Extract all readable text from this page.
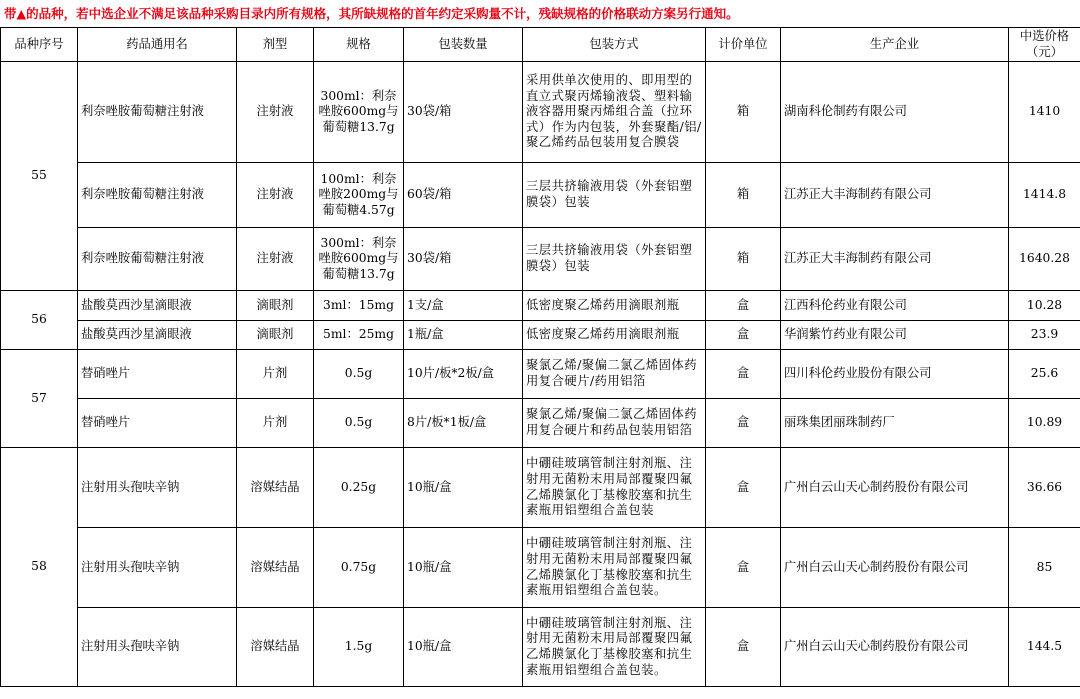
带▲的品种，若中选企业不满足该品种采购目录内所有规格，其所缺规格的首年约定采购量不计，残缺规格的价格联动方案另行通知。
品种序号	药品通用名	剂型	规格	包装数量	包装方式	计价单位	生产企业	中选价格
（元）
55	利奈唑胺葡萄糖注射液	注射液	300ml：利奈唑胺600mg与葡萄糖13.7g	30袋/箱	采用供单次使用的、即用型的直立式聚丙烯输液袋、塑料输液容器用聚丙烯组合盖（拉环式）作为内包装，外套聚酯/铝/聚乙烯药品包装用复合膜袋	箱	湖南科伦制药有限公司	1410
	利奈唑胺葡萄糖注射液	注射液	100ml：利奈唑胺200mg与葡萄糖4.57g	60袋/箱	三层共挤输液用袋（外套铝塑膜袋）包装	箱	江苏正大丰海制药有限公司	1414.8
	利奈唑胺葡萄糖注射液	注射液	300ml：利奈唑胺600mg与葡萄糖13.7g	30袋/箱	三层共挤输液用袋（外套铝塑膜袋）包装	箱	江苏正大丰海制药有限公司	1640.28
56	盐酸莫西沙星滴眼液	滴眼剂	3ml：15mg	1支/盒	低密度聚乙烯药用滴眼剂瓶	盒	江西科伦药业有限公司	10.28
	盐酸莫西沙星滴眼液	滴眼剂	5ml：25mg	1瓶/盒	低密度聚乙烯药用滴眼剂瓶	盒	华润紫竹药业有限公司	23.9
57	替硝唑片	片剂	0.5g	10片/板*2板/盒	聚氯乙烯/聚偏二氯乙烯固体药用复合硬片/药用铝箔	盒	四川科伦药业股份有限公司	25.6
	替硝唑片	片剂	0.5g	8片/板*1板/盒	聚氯乙烯/聚偏二氯乙烯固体药用复合硬片和药品包装用铝箔	盒	丽珠集团丽珠制药厂	10.89
58	注射用头孢呋辛钠	溶媒结晶	0.25g	10瓶/盒	中硼硅玻璃管制注射剂瓶、注射用无菌粉末用局部覆聚四氟乙烯膜氯化丁基橡胶塞和抗生素瓶用铝塑组合盖包装	盒	广州白云山天心制药股份有限公司	36.66
	注射用头孢呋辛钠	溶媒结晶	0.75g	10瓶/盒	中硼硅玻璃管制注射剂瓶、注射用无菌粉末用局部覆聚四氟乙烯膜氯化丁基橡胶塞和抗生素瓶用铝塑组合盖包装。	盒	广州白云山天心制药股份有限公司	85
	注射用头孢呋辛钠	溶媒结晶	1.5g	10瓶/盒	中硼硅玻璃管制注射剂瓶、注射用无菌粉末用局部覆聚四氟乙烯膜氯化丁基橡胶塞和抗生素瓶用铝塑组合盖包装。	盒	广州白云山天心制药股份有限公司	144.5
